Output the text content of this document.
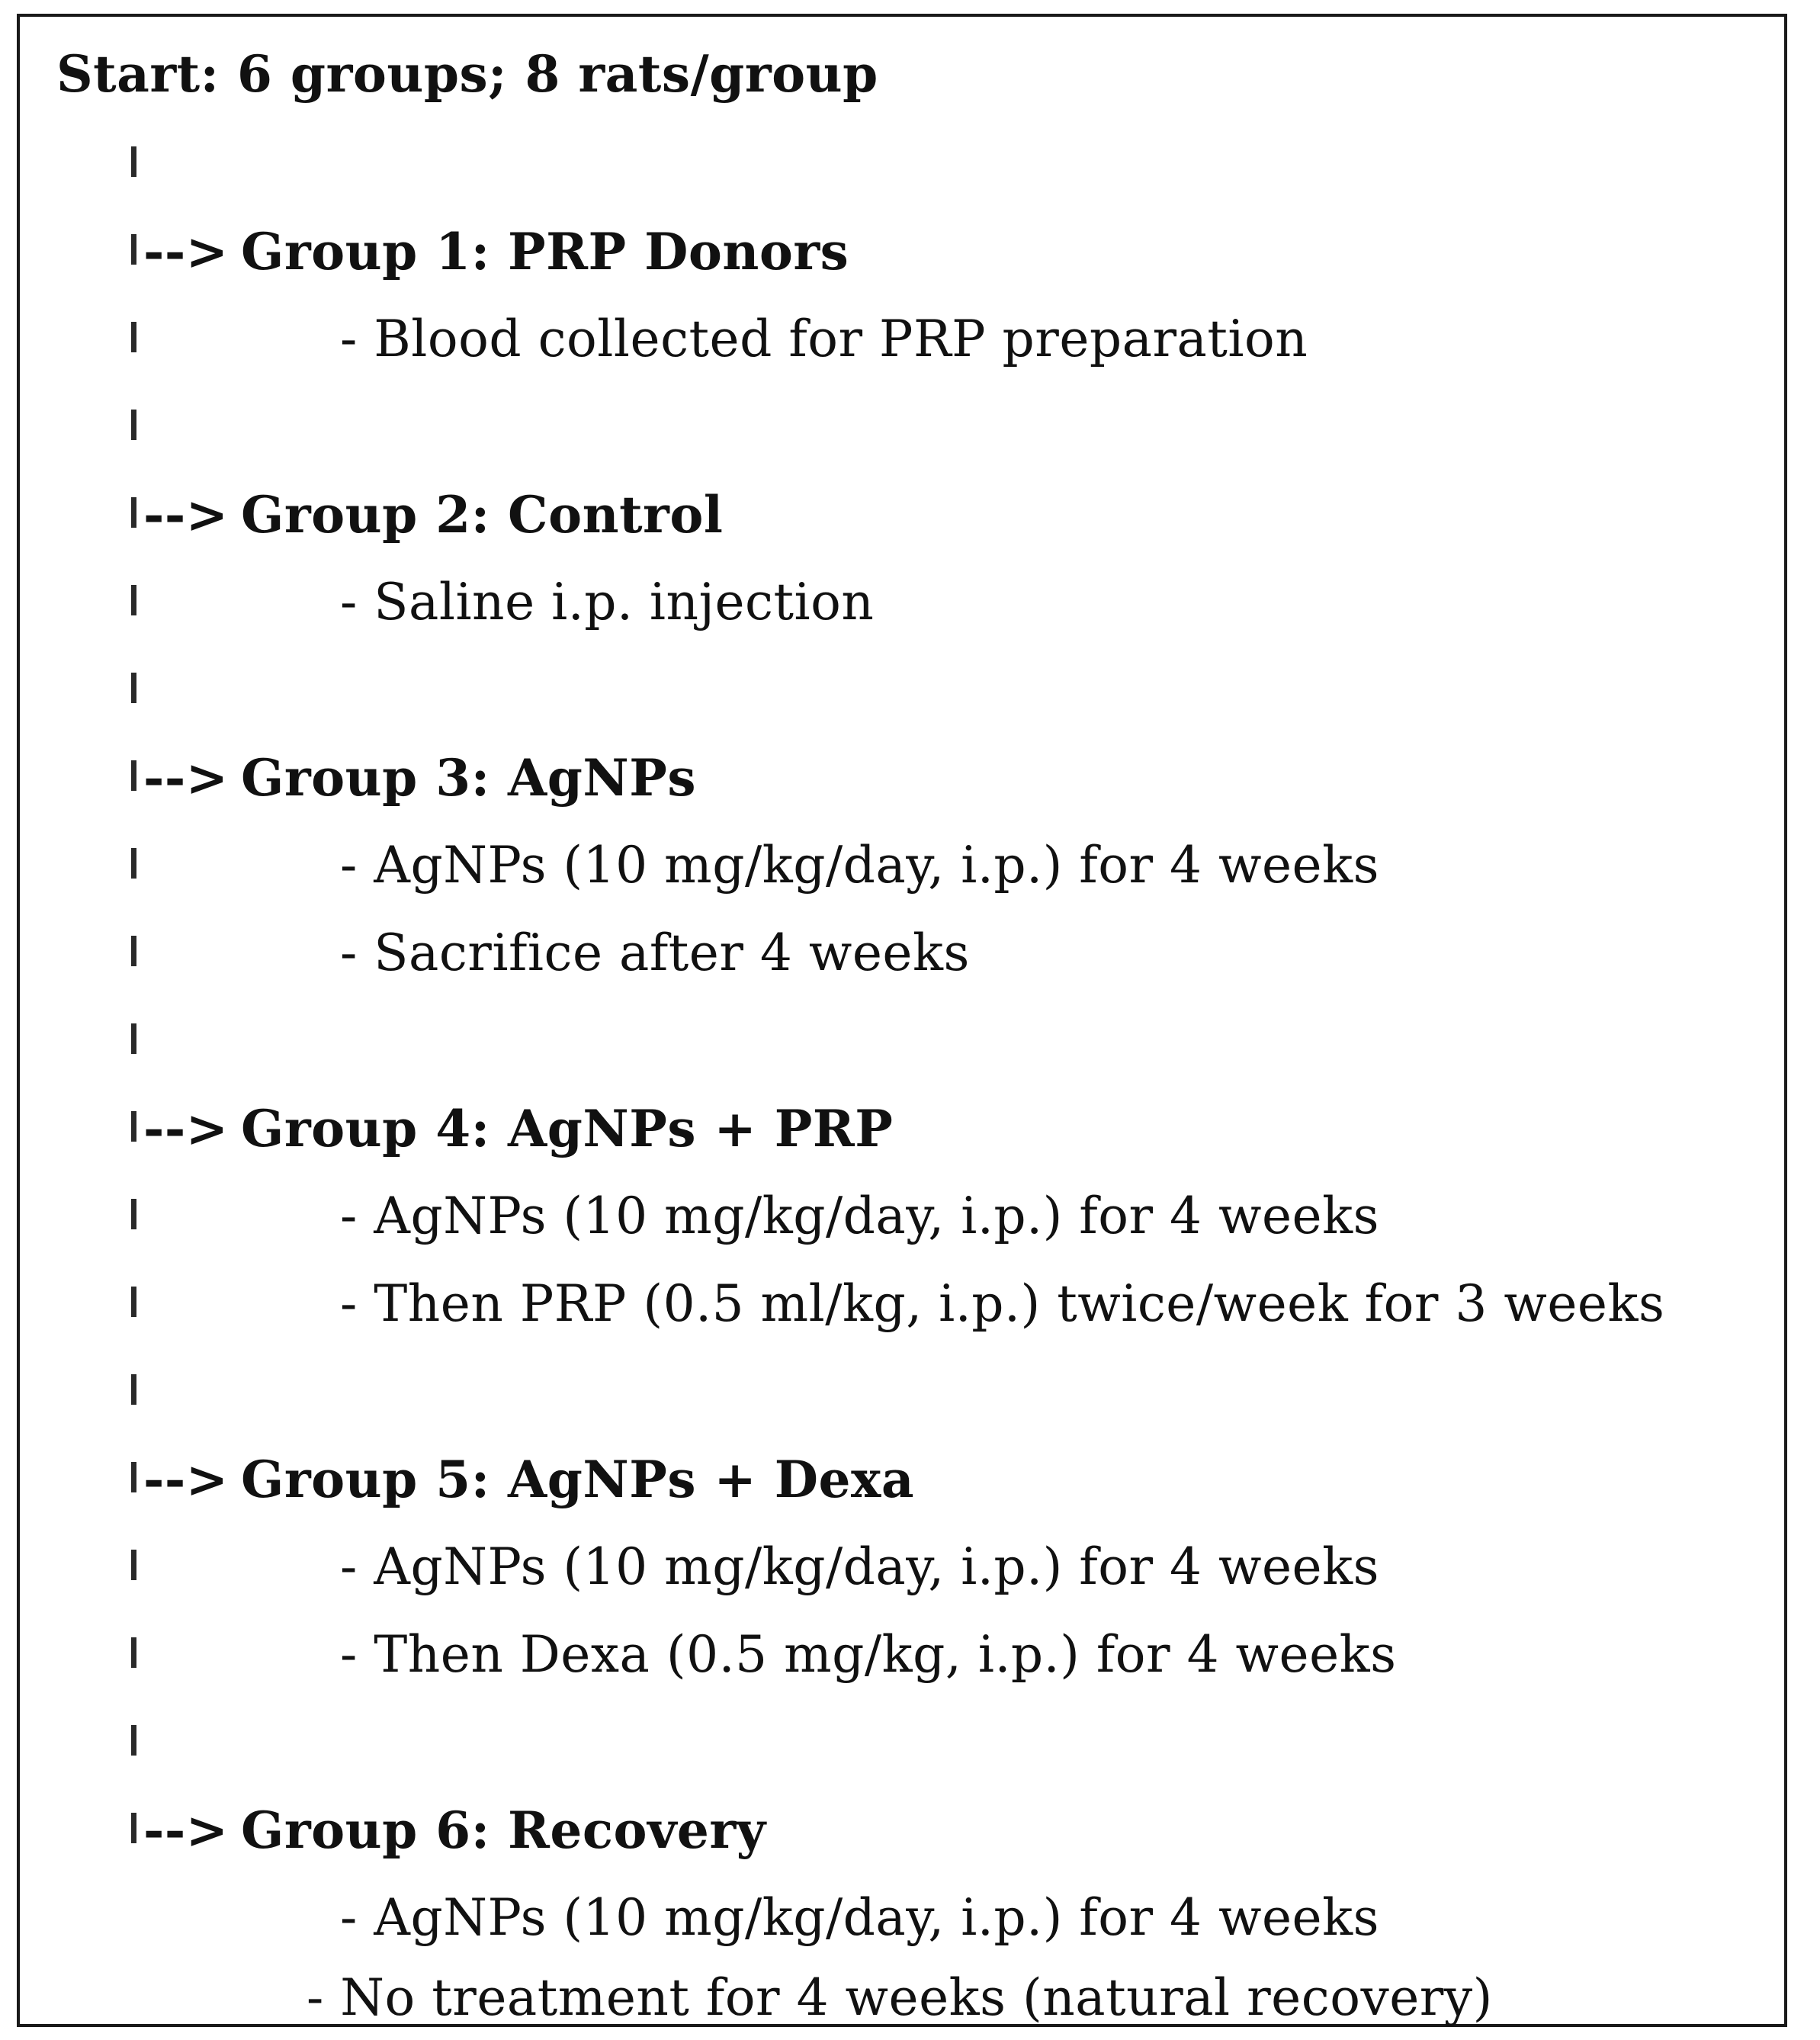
Start: 6 groups; 8 rats/group
--> Group 1: PRP Donors
- Blood collected for PRP preparation
--> Group 2: Control
- Saline i.p. injection
--> Group 3: AgNPs
- AgNPs (10 mg/kg/day, i.p.) for 4 weeks
- Sacrifice after 4 weeks
--> Group 4: AgNPs + PRP
- AgNPs (10 mg/kg/day, i.p.) for 4 weeks
- Then PRP (0.5 ml/kg, i.p.) twice/week for 3 weeks
--> Group 5: AgNPs + Dexa
- AgNPs (10 mg/kg/day, i.p.) for 4 weeks
- Then Dexa (0.5 mg/kg, i.p.) for 4 weeks
--> Group 6: Recovery
- AgNPs (10 mg/kg/day, i.p.) for 4 weeks
- No treatment for 4 weeks (natural recovery)
